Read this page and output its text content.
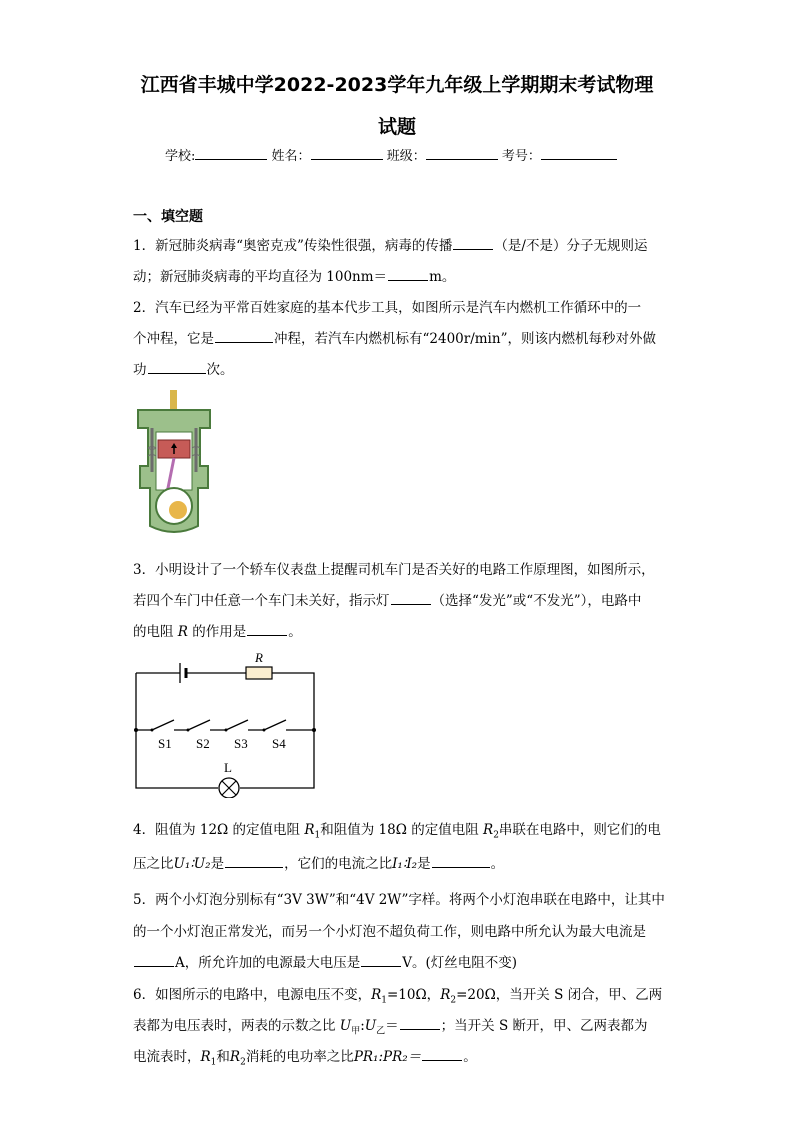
江西省丰城中学2022-2023学年九年级上学期期末考试物理
试题
学校:	姓名：	班级：	考号：
一、填空题
1．新冠肺炎病毒“奥密克戎”传染性很强，病毒的传播	（是/不是）分子无规则运
动；新冠肺炎病毒的平均直径为 100nm＝	m。
2．汽车已经为平常百姓家庭的基本代步工具，如图所示是汽车内燃机工作循环中的一
个冲程，它是	冲程，若汽车内燃机标有“2400r/min”，则该内燃机每秒对外做
功	次。
3．小明设计了一个轿车仪表盘上提醒司机车门是否关好的电路工作原理图，如图所示，
若四个车门中任意一个车门未关好，指示灯	（选择“发光”或“不发光”），电路中
的电阻 R 的作用是	。
R
S1 S2 S3 S4
L
4．阻值为 12Ω 的定值电阻 $R_1$和阻值为 18Ω 的定值电阻 $R_2$串联在电路中，则它们的电
压之比U₁∶U₂是	，它们的电流之比I₁∶I₂是	。
5．两个小灯泡分别标有“3V 3W”和“4V 2W”字样。将两个小灯泡串联在电路中，让其中
的一个小灯泡正常发光，而另一个小灯泡不超负荷工作，则电路中所允认为最大电流是
A，所允许加的电源最大电压是	V。(灯丝电阻不变)
6．如图所示的电路中，电源电压不变，$R_1=10\Omega$，$R_2=20\Omega$，当开关 S 闭合，甲、乙两
表都为电压表时，两表的示数之比 $U_甲:U_乙=$	；当开关 S 断开，甲、乙两表都为
电流表时，$R_1$和$R_2$消耗的电功率之比PR₁:PR₂＝	。
